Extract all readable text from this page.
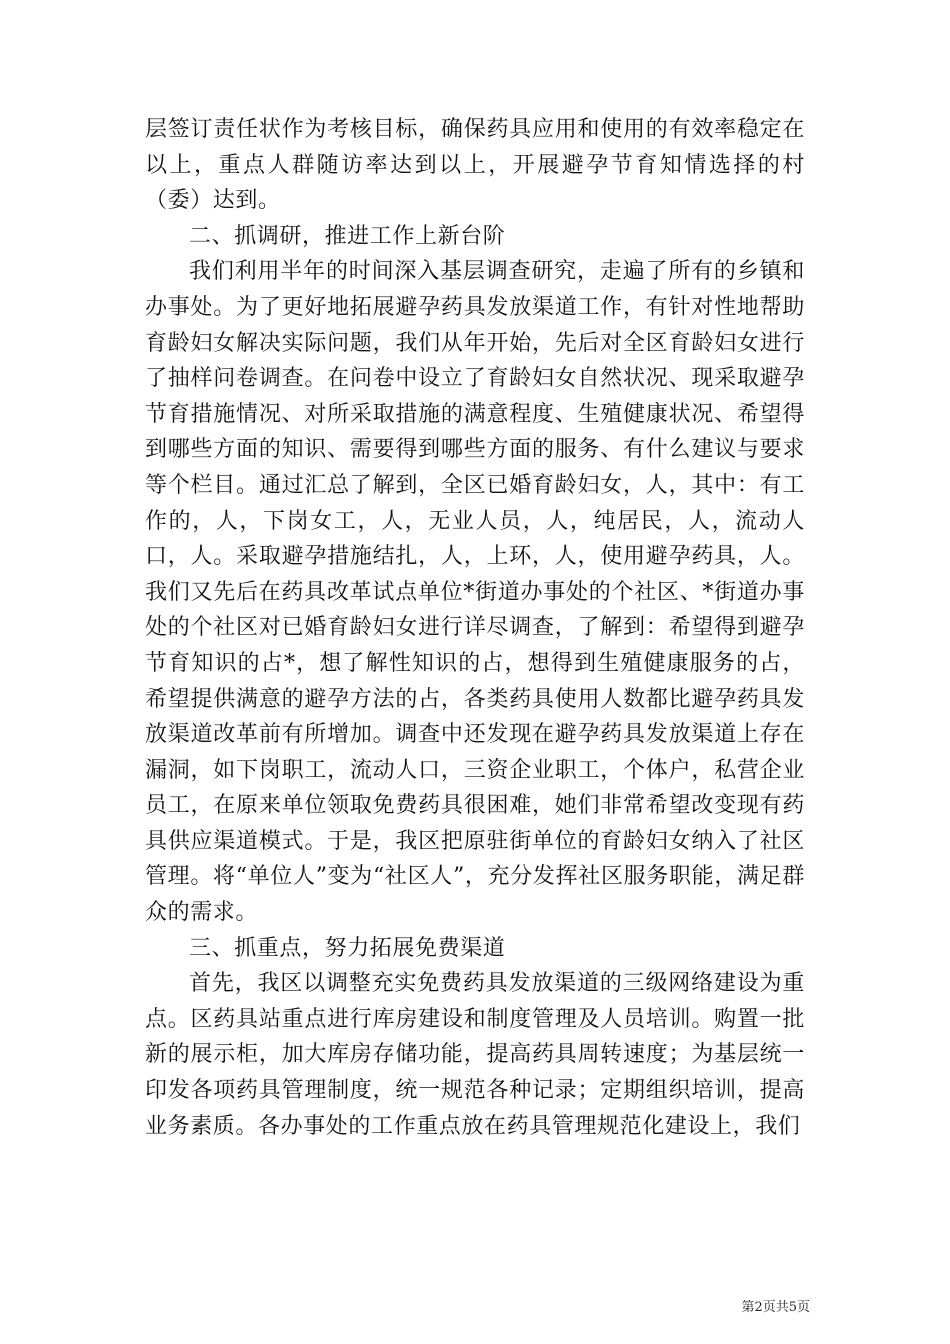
层签订责任状作为考核目标，确保药具应用和使用的有效率稳定在以上，重点人群随访率达到以上，开展避孕节育知情选择的村（委）达到。

二、抓调研，推进工作上新台阶

我们利用半年的时间深入基层调查研究，走遍了所有的乡镇和办事处。为了更好地拓展避孕药具发放渠道工作，有针对性地帮助育龄妇女解决实际问题，我们从年开始，先后对全区育龄妇女进行了抽样问卷调查。在问卷中设立了育龄妇女自然状况、现采取避孕节育措施情况、对所采取措施的满意程度、生殖健康状况、希望得到哪些方面的知识、需要得到哪些方面的服务、有什么建议与要求等个栏目。通过汇总了解到，全区已婚育龄妇女，人，其中：有工作的，人，下岗女工，人，无业人员，人，纯居民，人，流动人口，人。采取避孕措施结扎，人，上环，人，使用避孕药具，人。我们又先后在药具改革试点单位*街道办事处的个社区、*街道办事处的个社区对已婚育龄妇女进行详尽调查，了解到：希望得到避孕节育知识的占*，想了解性知识的占，想得到生殖健康服务的占，希望提供满意的避孕方法的占，各类药具使用人数都比避孕药具发放渠道改革前有所增加。调查中还发现在避孕药具发放渠道上存在漏洞，如下岗职工，流动人口，三资企业职工，个体户，私营企业员工，在原来单位领取免费药具很困难，她们非常希望改变现有药具供应渠道模式。于是，我区把原驻街单位的育龄妇女纳入了社区管理。将“单位人”变为“社区人”，充分发挥社区服务职能，满足群众的需求。

三、抓重点，努力拓展免费渠道

首先，我区以调整充实免费药具发放渠道的三级网络建设为重点。区药具站重点进行库房建设和制度管理及人员培训。购置一批新的展示柜，加大库房存储功能，提高药具周转速度；为基层统一印发各项药具管理制度，统一规范各种记录；定期组织培训，提高业务素质。各办事处的工作重点放在药具管理规范化建设上，我们

第2页共5页
